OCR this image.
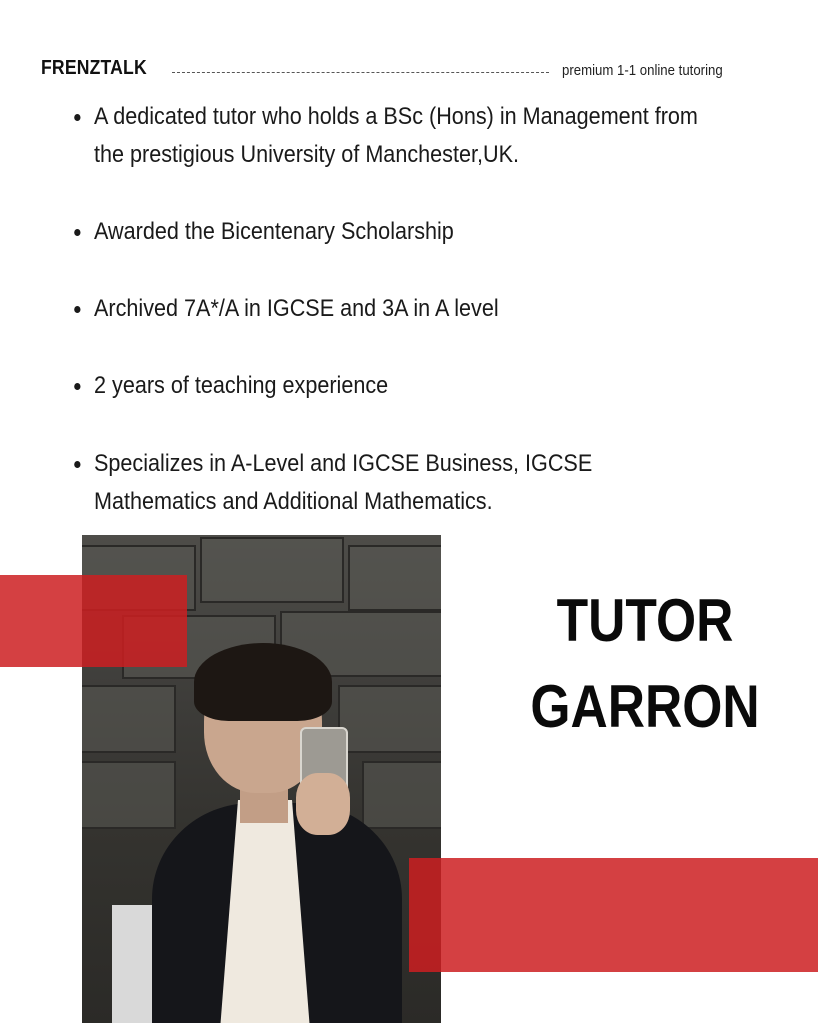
FRENZTALK	premium 1-1 online tutoring
A dedicated tutor who holds a BSc (Hons) in Management from the prestigious University of Manchester,UK.
Awarded the Bicentenary Scholarship
Archived 7A*/A in IGCSE and 3A in A level
2 years of teaching experience
Specializes in A-Level and IGCSE Business, IGCSE Mathematics and Additional Mathematics.
TUTOR
GARRON
